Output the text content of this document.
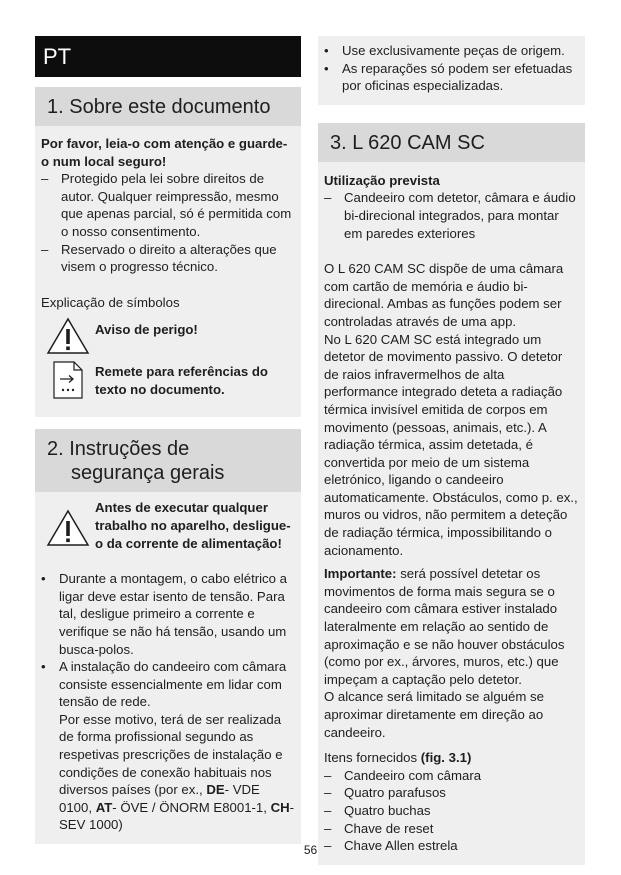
PT
1. Sobre este documento

Por favor, leia-o com atenção e guarde-o num local seguro!

– Protegido pela lei sobre direitos de autor. Qualquer reimpressão, mesmo que apenas parcial, só é permitida com o nosso consentimento.

– Reservado o direito a alterações que visem o progresso técnico.

Explicação de símbolos

Aviso de perigo!
Remete para referências do texto no documento.
2. Instruções de
segurança gerais
Antes de executar qualquer trabalho no aparelho, desligue-o da corrente de alimentação!

• Durante a montagem, o cabo elétrico a ligar deve estar isento de tensão. Para tal, desligue primeiro a corrente e verifique se não há tensão, usando um busca-polos.

• A instalação do candeeiro com câmara consiste essencialmente em lidar com tensão de rede.

Por esse motivo, terá de ser realizada de forma profissional segundo as respetivas prescrições de instalação e condições de conexão habituais nos diversos países (por ex., DE- VDE 0100, AT- ÖVE / ÖNORM E8001-1, CH- SEV 1000)

• Use exclusivamente peças de origem.

• As reparações só podem ser efetuadas por oficinas especializadas.

3. L 620 CAM SC

Utilização prevista

– Candeeiro com detetor, câmara e áudio bi-direcional integrados, para montar em paredes exteriores

O L 620 CAM SC dispõe de uma câmara com cartão de memória e áudio bi-direcional. Ambas as funções podem ser controladas através de uma app.

No L 620 CAM SC está integrado um detetor de movimento passivo. O detetor de raios infravermelhos de alta performance integrado deteta a radiação térmica invisível emitida de corpos em movimento (pessoas, animais, etc.). A radiação térmica, assim detetada, é convertida por meio de um sistema eletrónico, ligando o candeeiro automaticamente. Obstáculos, como p. ex., muros ou vidros, não permitem a deteção de radiação térmica, impossibilitando o acionamento.

Importante: será possível detetar os movimentos de forma mais segura se o candeeiro com câmara estiver instalado lateralmente em relação ao sentido de aproximação e se não houver obstáculos (como por ex., árvores, muros, etc.) que impeçam a captação pelo detetor.

O alcance será limitado se alguém se aproximar diretamente em direção ao candeeiro.

Itens fornecidos (fig. 3.1)

– Candeeiro com câmara

– Quatro parafusos

– Quatro buchas

– Chave de reset

– Chave Allen estrela

56
